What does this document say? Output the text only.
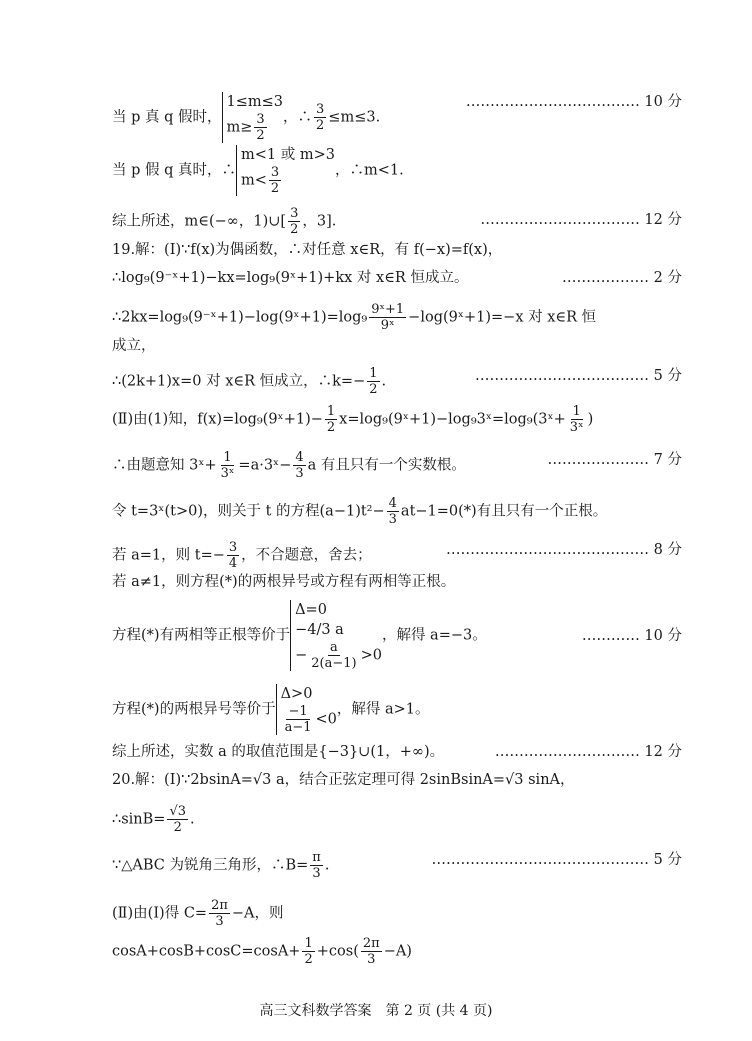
当 p 真 q 假时，
1≤m≤3
$m\ge \frac{3}{2}$ ，∴ $\frac{3}{2} \le m\le 3$.
……………………………… 10 分
当 p 假 q 真时，∴
m<1 或 m>3
$m< \frac{3}{2}$	，∴m<1.
综上所述，m∈(−∞，1)∪[ $\frac{3}{2}$ ，3].	…………………………… 12 分
19.解：(Ⅰ)∵f(x)为偶函数，∴对任意 x∈R，有 f(−x)=f(x)，
∴log₉(9⁻ˣ+1)−kx=log₉(9ˣ+1)+kx 对 x∈R 恒成立。	……………… 2 分
∴2kx=log₉(9⁻ˣ+1)−log(9ˣ+1)=log₉ $\frac{\text{9ˣ+1}}{\text{9ˣ}}$ −log(9ˣ+1)=−x 对 x∈R 恒
成立，
∴(2k+1)x=0 对 x∈R 恒成立，∴k=− $\frac{1}{2}$ .	……………………………… 5 分
(Ⅱ)由(1)知，f(x)=log₉(9ˣ+1)− $\frac{1}{2}$ x=log₉(9ˣ+1)−log₉3ˣ=log₉(3ˣ+ $\frac{1}{\text{3ˣ}}$ )
∴由题意知 3ˣ+ $\frac{1}{\text{3ˣ}}$ =a·3ˣ− $\frac{4}{3}$ a 有且只有一个实数根。	………………… 7 分
令 t=3ˣ(t>0)，则关于 t 的方程$(a-1)t^2- \frac{4}{3} at-1=0(*)$有且只有一个正根。
若 a=1，则 $t=- \frac{3}{4}$ ，不合题意，舍去；	…………………………………… 8 分
若 a≠1，则方程(*)的两根异号或方程有两相等正根。
方程(*)有两相等正根等价于
Δ=0
−4/3 a
− $\frac{a}{2(a-1)} >0$
，解得 a=−3。	………… 10 分
方程(*)的两根异号等价于
Δ>0
$\frac{-1}{a-1} <0$
，解得 a>1。
综上所述，实数 a 的取值范围是{−3}∪(1，+∞)。	………………………… 12 分
20.解：(Ⅰ)∵2bsinA=√3 a，结合正弦定理可得 2sinBsinA=√3 sinA，
∴sinB= $\frac{√3}{2}$ .
∵△ABC 为锐角三角形，∴B= $\frac{\pi}{3}$ .	……………………………………… 5 分
(Ⅱ)由(Ⅰ)得 $C= \frac{2\pi}{3} -A$，则
$\cos A+\cos B+\cos C=\cos A+ \frac{1}{2} +\cos( \frac{2\pi}{3} -A)$
高三文科数学答案　第 2 页 (共 4 页)
